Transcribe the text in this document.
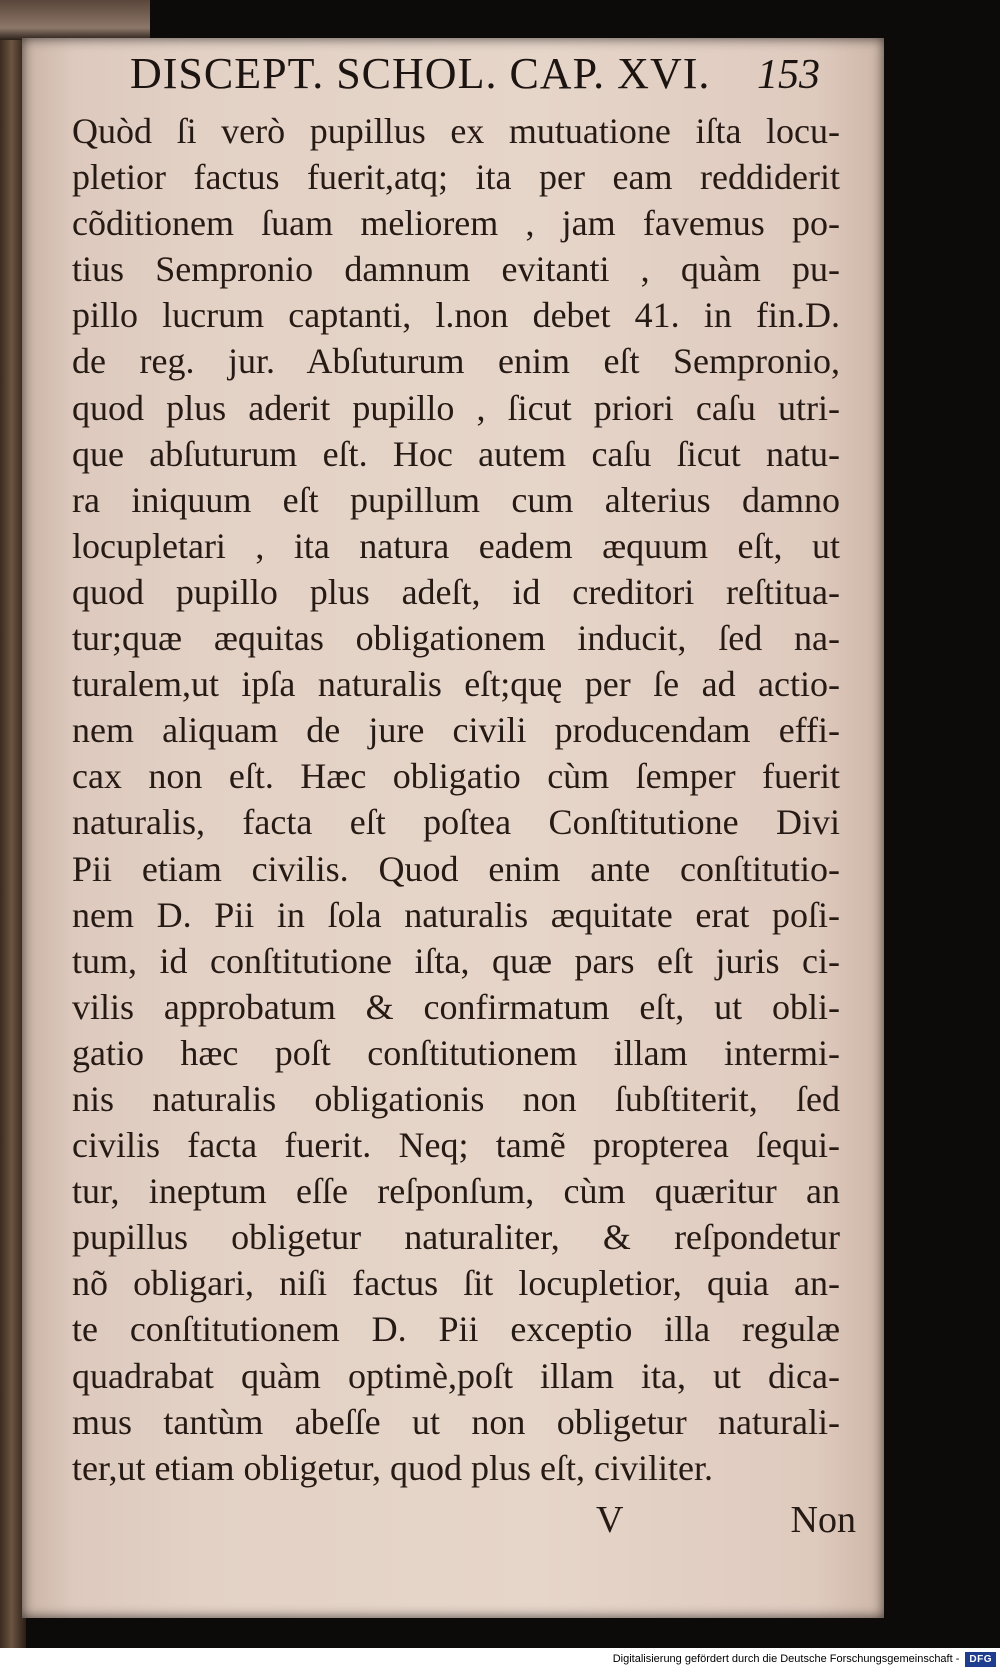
DISCEPT. SCHOL. CAP. XVI. 153
Quòd ſi verò pupillus ex mutuatione iſta locu-
pletior factus fuerit,atq; ita per eam reddiderit
cõditionem ſuam meliorem , jam favemus po-
tius Sempronio damnum evitanti , quàm pu-
pillo lucrum captanti, l.non debet 41. in fin.D.
de reg. jur. Abſuturum enim eſt Sempronio,
quod plus aderit pupillo , ſicut priori caſu utri-
que abſuturum eſt. Hoc autem caſu ſicut natu-
ra iniquum eſt pupillum cum alterius damno
locupletari , ita natura eadem æquum eſt, ut
quod pupillo plus adeſt, id creditori reſtitua-
tur;quæ æquitas obligationem inducit, ſed na-
turalem,ut ipſa naturalis eſt;quę per ſe ad actio-
nem aliquam de jure civili producendam effi-
cax non eſt. Hæc obligatio cùm ſemper fuerit
naturalis, facta eſt poſtea Conſtitutione Divi
Pii etiam civilis. Quod enim ante conſtitutio-
nem D. Pii in ſola naturalis æquitate erat poſi-
tum, id conſtitutione iſta, quæ pars eſt juris ci-
vilis approbatum & confirmatum eſt, ut obli-
gatio hæc poſt conſtitutionem illam intermi-
nis naturalis obligationis non ſubſtiterit, ſed
civilis facta fuerit. Neq; tamẽ propterea ſequi-
tur, ineptum eſſe reſponſum, cùm quæritur an
pupillus obligetur naturaliter, & reſpondetur
nõ obligari, niſi factus ſit locupletior, quia an-
te conſtitutionem D. Pii exceptio illa regulæ
quadrabat quàm optimè,poſt illam ita, ut dica-
mus tantùm abeſſe ut non obligetur naturali-
ter,ut etiam obligetur, quod plus eſt, civiliter.
V	Non
Digitalisierung gefördert durch die Deutsche Forschungsgemeinschaft -	DFG
